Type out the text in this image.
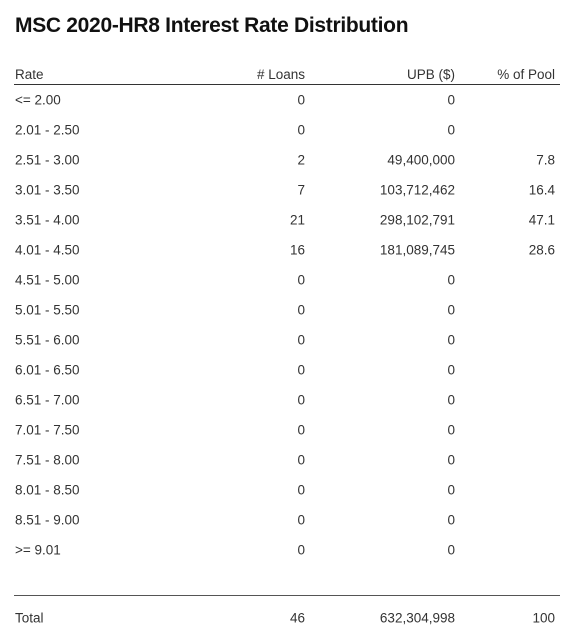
MSC 2020-HR8 Interest Rate Distribution
Rate	# Loans	UPB ($)	% of Pool
<= 2.00	0	0
2.01 - 2.50	0	0
2.51 - 3.00	2	49,400,000	7.8
3.01 - 3.50	7	103,712,462	16.4
3.51 - 4.00	21	298,102,791	47.1
4.01 - 4.50	16	181,089,745	28.6
4.51 - 5.00	0	0
5.01 - 5.50	0	0
5.51 - 6.00	0	0
6.01 - 6.50	0	0
6.51 - 7.00	0	0
7.01 - 7.50	0	0
7.51 - 8.00	0	0
8.01 - 8.50	0	0
8.51 - 9.00	0	0
>= 9.01	0	0
Total	46	632,304,998	100
